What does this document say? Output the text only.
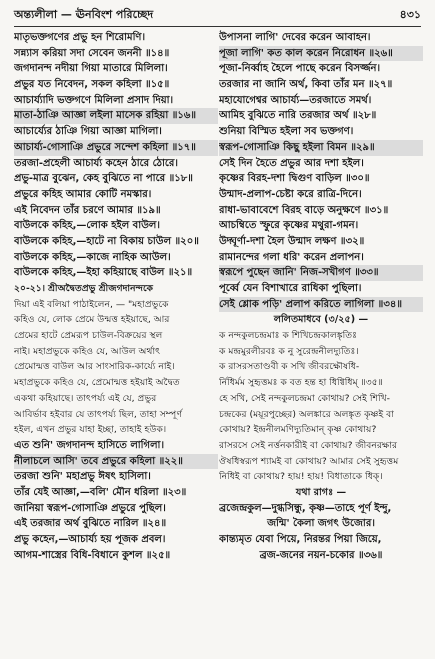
অন্ত্যলীলা — ঊনবিংশ পরিচ্ছেদ	৪৩১
মাতৃভক্তগণের প্রভু হন শিরোমণি।
সন্ন্যাস করিয়া সদা সেবেন জননী ॥১৪॥
জগদানন্দ নদীয়া গিয়া মাতারে মিলিলা।
প্রভুর যত নিবেদন, সকল কহিলা ॥১৫॥
আচার্য্যাদি ভক্তগণে মিলিলা প্রসাদ দিয়া।
মাতা-ঠাঞি আজ্ঞা লইলা মাসেক রহিয়া ॥১৬॥
আচার্য্যের ঠাঞি গিয়া আজ্ঞা মাগিলা।
আচার্য্য-গোসাঞি প্রভুরে সন্দেশ কহিলা ॥১৭॥
তরজা-প্রহেলী আচার্য্য কহেন ঠারে ঠোরে।
প্রভু-মাত্র বুঝেন, কেহ বুঝিতে না পারে ॥১৮॥
প্রভুরে কহিহ আমার কোটি নমস্কার।
এই নিবেদন তাঁর চরণে আমার ॥১৯॥
বাউলকে কহিহ,—লোক হইল বাউল।
বাউলকে কহিহ,—হাটে না বিকায় চাউল ॥২০॥
বাউলকে কহিহ,—কাজে নাহিক আউল।
বাউলকে কহিহ,—ইহা কহিয়াছে বাউল ॥২১॥
২০-২১। শ্রীঅদ্বৈতপ্রভু শ্রীজগদানন্দকে
দিয়া এই বলিয়া পাঠাইলেন, — "মহাপ্রভুকে
কহিও যে, লোক প্রেমে উন্মত্ত হইয়াছে, আর
প্রেমের হাটে প্রেমরূপ চাউল-বিক্রয়ের স্থল
নাই। মহাপ্রভুকে কহিও যে, আউল অর্থাৎ
প্রেমোন্মত্ত বাউল আর সাংসারিক-কার্য্যে নাই।
মহাপ্রভুকে কহিও যে, প্রেমোন্মত্ত হইয়াই অদ্বৈত
একথা কহিয়াছে। তাৎপর্য্য এই যে, প্রভুর
আবির্ভাব হইবার যে তাৎপর্য্য ছিল, তাহা সম্পূর্ণ
হইল, এখন প্রভুর যাহা ইচ্ছা, তাহাই হউক।
এত শুনি' জগদানন্দ হাসিতে লাগিলা।
নীলাচলে আসি' তবে প্রভুরে কহিলা ॥২২॥
তরজা শুনি' মহাপ্রভু ঈষৎ হাসিলা।
তাঁর যেই আজ্ঞা,—বলি' মৌন ধরিলা ॥২৩॥
জানিয়া স্বরূপ-গোসাঞি প্রভুরে পুছিল।
এই তরজার অর্থ বুঝিতে নারিল ॥২৪॥
প্রভু কহেন,—আচার্য্য হয় পূজক প্রবল।
আগম-শাস্ত্রের বিধি-বিধানে কুশল ॥২৫॥
উপাসনা লাগি' দেবের করেন আবাহন।
পূজা লাগি' কত কাল করেন নিরোধন ॥২৬॥
পূজা-নির্ব্বাহ হৈলে পাছে করেন বিসর্জ্জন।
তরজার না জানি অর্থ, কিবা তাঁর মন ॥২৭॥
মহাযোগেশ্বর আচার্য্য—তরজাতে সমর্থ।
আমিহ বুঝিতে নারি তরজার অর্থ ॥২৮॥
শুনিয়া বিস্মিত হইলা সব ভক্তগণ।
স্বরূপ-গোসাঞি কিছু হইলা বিমন ॥২৯॥
সেই দিন হৈতে প্রভুর আর দশা হইল।
কৃষ্ণের বিরহ-দশা দ্বিগুণ বাড়িল ॥৩০॥
উন্মাদ-প্রলাপ-চেষ্টা করে রাত্রি-দিনে।
রাধা-ভাবাবেশে বিরহ বাড়ে অনুক্ষণে ॥৩১॥
আচম্বিতে স্ফুরে কৃষ্ণের মথুরা-গমন।
উদ্ঘূর্ণা-দশা হৈল উন্মাদ লক্ষণ ॥৩২॥
রামানন্দের গলা ধরি' করেন প্রলাপন।
স্বরূপে পুছেন জানি' নিজ-সখীগণ ॥৩৩॥
পূর্ব্বে যেন বিশাখারে রাধিকা পুছিলা।
সেই শ্লোক পড়ি' প্রলাপ করিতে লাগিলা ॥৩৪॥
ললিতমাধবে (৩/২৫) —
ক নন্দকুলচন্দ্রমাঃ ক শিখিচন্দ্রকালঙ্কৃতিঃ
ক মন্দ্রমুরলীরবঃ ক নু সুরেন্দ্রনীলদ্যুতিঃ।
ক রাসরসতাণ্ডবী ক সখি জীবরক্ষৌষধি-
র্নিধির্মম সুহৃত্তমঃ ক বত হন্ত হা ধিগ্বিধিম্ ॥৩৫॥
হে সখি, সেই নন্দকুলচন্দ্রমা কোথায়? সেই শিখি-
চন্দ্রকের (ময়ূরপুচ্ছের) অলঙ্কারে অলঙ্কৃত কৃষ্ণই বা
কোথায়? ইন্দ্রনীলমণিদ্যুতিমান্ কৃষ্ণ কোথায়?
রাসরসে সেই নর্ত্তনকারীই বা কোথায়? জীবনরক্ষার
ঔষধিস্বরূপ শ্যামই বা কোথায়? আমার সেই সুহৃত্তম
নিধিই বা কোথায়? হায়! হায়! বিধাতাকে ধিক্।
যথা রাগঃ —
ব্রজেন্দ্রকুল—দুগ্ধসিন্ধু, কৃষ্ণ—তাহে পূর্ণ ইন্দু,
জন্মি' কৈলা জগৎ উজোর।
কান্ত্যমৃত যেবা পিয়ে, নিরন্তর পিয়া জিয়ে,
ব্রজ-জনের নয়ন-চকোর ॥৩৬॥
